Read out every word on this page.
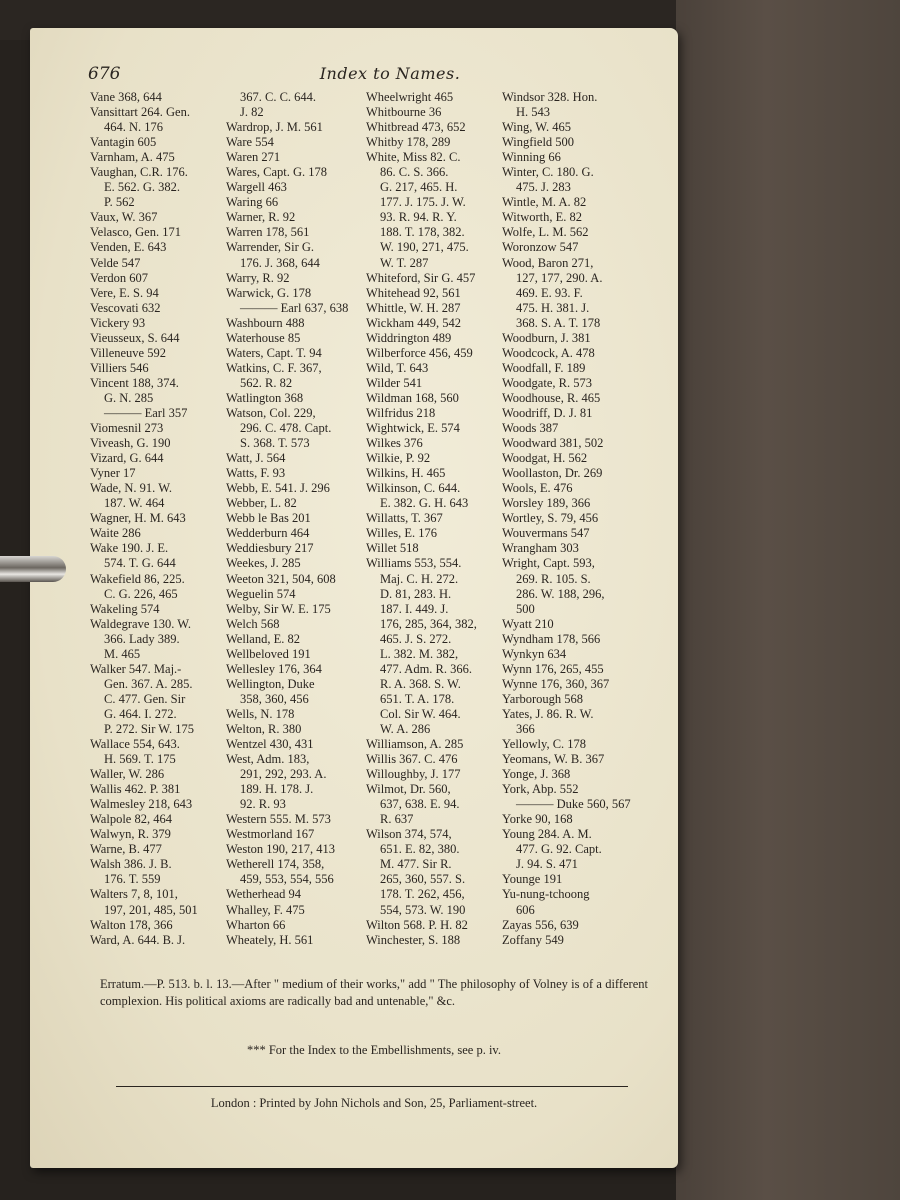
676	Index to Names.
Vane 368, 644
Vansittart 264. Gen.
464. N. 176
Vantagin 605
Varnham, A. 475
Vaughan, C.R. 176.
E. 562. G. 382.
P. 562
Vaux, W. 367
Velasco, Gen. 171
Venden, E. 643
Velde 547
Verdon 607
Vere, E. S. 94
Vescovati 632
Vickery 93
Vieusseux, S. 644
Villeneuve 592
Villiers 546
Vincent 188, 374.
G. N. 285
——— Earl 357
Viomesnil 273
Viveash, G. 190
Vizard, G. 644
Vyner 17
Wade, N. 91. W.
187. W. 464
Wagner, H. M. 643
Waite 286
Wake 190. J. E.
574. T. G. 644
Wakefield 86, 225.
C. G. 226, 465
Wakeling 574
Waldegrave 130. W.
366. Lady 389.
M. 465
Walker 547. Maj.-
Gen. 367. A. 285.
C. 477. Gen. Sir
G. 464. I. 272.
P. 272. Sir W. 175
Wallace 554, 643.
H. 569. T. 175
Waller, W. 286
Wallis 462. P. 381
Walmesley 218, 643
Walpole 82, 464
Walwyn, R. 379
Warne, B. 477
Walsh 386. J. B.
176. T. 559
Walters 7, 8, 101,
197, 201, 485, 501
Walton 178, 366
Ward, A. 644. B. J.
367. C. C. 644.
J. 82
Wardrop, J. M. 561
Ware 554
Waren 271
Wares, Capt. G. 178
Wargell 463
Waring 66
Warner, R. 92
Warren 178, 561
Warrender, Sir G.
176. J. 368, 644
Warry, R. 92
Warwick, G. 178
——— Earl 637, 638
Washbourn 488
Waterhouse 85
Waters, Capt. T. 94
Watkins, C. F. 367,
562. R. 82
Watlington 368
Watson, Col. 229,
296. C. 478. Capt.
S. 368. T. 573
Watt, J. 564
Watts, F. 93
Webb, E. 541. J. 296
Webber, L. 82
Webb le Bas 201
Wedderburn 464
Weddiesbury 217
Weekes, J. 285
Weeton 321, 504, 608
Weguelin 574
Welby, Sir W. E. 175
Welch 568
Welland, E. 82
Wellbeloved 191
Wellesley 176, 364
Wellington, Duke
358, 360, 456
Wells, N. 178
Welton, R. 380
Wentzel 430, 431
West, Adm. 183,
291, 292, 293. A.
189. H. 178. J.
92. R. 93
Western 555. M. 573
Westmorland 167
Weston 190, 217, 413
Wetherell 174, 358,
459, 553, 554, 556
Wetherhead 94
Whalley, F. 475
Wharton 66
Wheately, H. 561
Wheelwright 465
Whitbourne 36
Whitbread 473, 652
Whitby 178, 289
White, Miss 82. C.
86. C. S. 366.
G. 217, 465. H.
177. J. 175. J. W.
93. R. 94. R. Y.
188. T. 178, 382.
W. 190, 271, 475.
W. T. 287
Whiteford, Sir G. 457
Whitehead 92, 561
Whittle, W. H. 287
Wickham 449, 542
Widdrington 489
Wilberforce 456, 459
Wild, T. 643
Wilder 541
Wildman 168, 560
Wilfridus 218
Wightwick, E. 574
Wilkes 376
Wilkie, P. 92
Wilkins, H. 465
Wilkinson, C. 644.
E. 382. G. H. 643
Willatts, T. 367
Willes, E. 176
Willet 518
Williams 553, 554.
Maj. C. H. 272.
D. 81, 283. H.
187. I. 449. J.
176, 285, 364, 382,
465. J. S. 272.
L. 382. M. 382,
477. Adm. R. 366.
R. A. 368. S. W.
651. T. A. 178.
Col. Sir W. 464.
W. A. 286
Williamson, A. 285
Willis 367. C. 476
Willoughby, J. 177
Wilmot, Dr. 560,
637, 638. E. 94.
R. 637
Wilson 374, 574,
651. E. 82, 380.
M. 477. Sir R.
265, 360, 557. S.
178. T. 262, 456,
554, 573. W. 190
Wilton 568. P. H. 82
Winchester, S. 188
Windsor 328. Hon.
H. 543
Wing, W. 465
Wingfield 500
Winning 66
Winter, C. 180. G.
475. J. 283
Wintle, M. A. 82
Witworth, E. 82
Wolfe, L. M. 562
Woronzow 547
Wood, Baron 271,
127, 177, 290. A.
469. E. 93. F.
475. H. 381. J.
368. S. A. T. 178
Woodburn, J. 381
Woodcock, A. 478
Woodfall, F. 189
Woodgate, R. 573
Woodhouse, R. 465
Woodriff, D. J. 81
Woods 387
Woodward 381, 502
Woodgat, H. 562
Woollaston, Dr. 269
Wools, E. 476
Worsley 189, 366
Wortley, S. 79, 456
Wouvermans 547
Wrangham 303
Wright, Capt. 593,
269. R. 105. S.
286. W. 188, 296,
500
Wyatt 210
Wyndham 178, 566
Wynkyn 634
Wynn 176, 265, 455
Wynne 176, 360, 367
Yarborough 568
Yates, J. 86. R. W.
366
Yellowly, C. 178
Yeomans, W. B. 367
Yonge, J. 368
York, Abp. 552
——— Duke 560, 567
Yorke 90, 168
Young 284. A. M.
477. G. 92. Capt.
J. 94. S. 471
Younge 191
Yu-nung-tchoong
606
Zayas 556, 639
Zoffany 549
Erratum.—P. 513. b. l. 13.—After " medium of their works," add " The philosophy of Volney is of a different complexion. His political axioms are radically bad and untenable," &c.
*** For the Index to the Embellishments, see p. iv.
London : Printed by John Nichols and Son, 25, Parliament-street.
